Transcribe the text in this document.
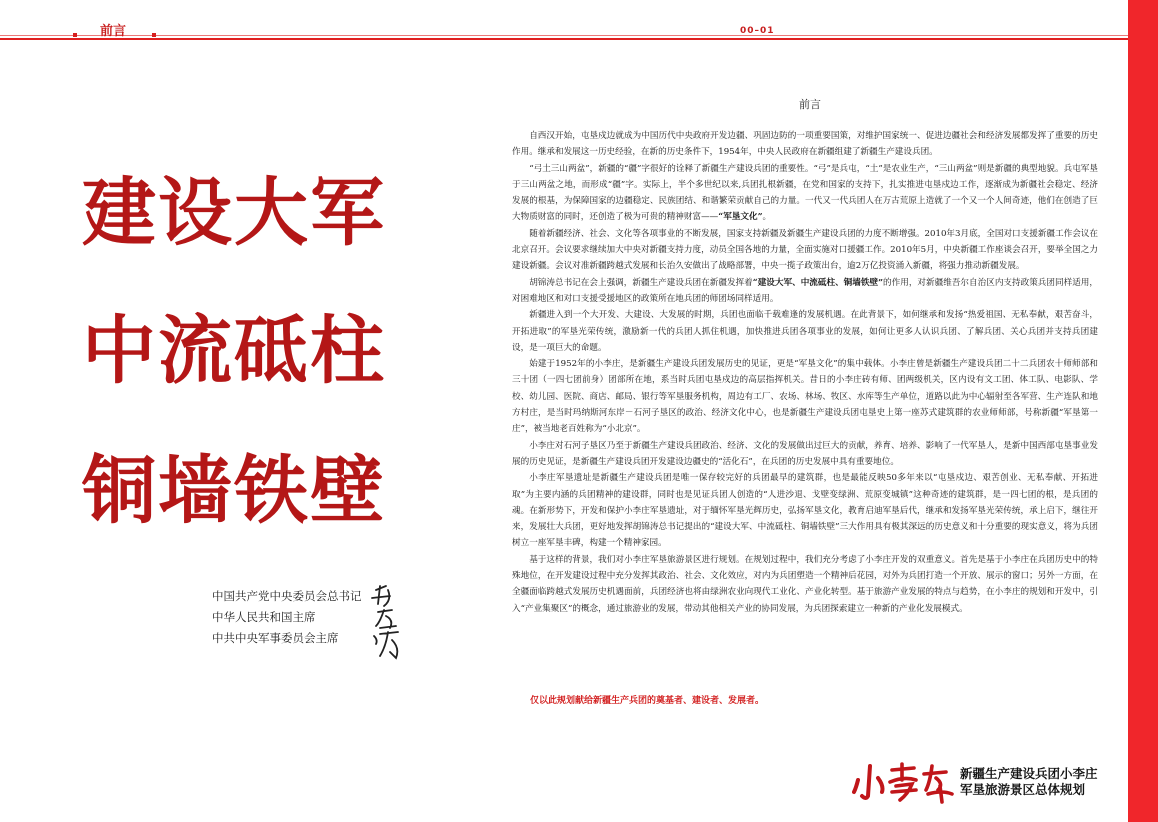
前言	00–01
建设大军
中流砥柱
铜墙铁壁
中国共产党中央委员会总书记
中华人民共和国主席
中共中央军事委员会主席
前言

自西汉开始，屯垦戍边就成为中国历代中央政府开发边疆、巩固边防的一项重要国策，对维护国家统一、促进边疆社会和经济发展都发挥了重要的历史作用。继承和发展这一历史经验，在新的历史条件下，1954年，中央人民政府在新疆组建了新疆生产建设兵团。

“弓土三山两盆”，新疆的“疆”字很好的诠释了新疆生产建设兵团的重要性。“弓”是兵屯，“土”是农业生产，“三山两盆”则是新疆的典型地貌。兵屯军垦于三山两盆之地，而形成“疆”字。实际上，半个多世纪以来,兵团扎根新疆，在党和国家的支持下，扎实推进屯垦戍边工作，逐渐成为新疆社会稳定、经济发展的根基，为保障国家的边疆稳定、民族团结、和谐繁荣贡献自己的力量。一代又一代兵团人在万古荒原上造就了一个又一个人间奇迹，他们在创造了巨大物质财富的同时，还创造了极为可贵的精神财富——“军垦文化”。

随着新疆经济、社会、文化等各项事业的不断发展，国家支持新疆及新疆生产建设兵团的力度不断增强。2010年3月底，全国对口支援新疆工作会议在北京召开。会议要求继续加大中央对新疆支持力度，动员全国各地的力量，全面实施对口援疆工作。2010年5月，中央新疆工作座谈会召开，要举全国之力建设新疆。会议对准新疆跨越式发展和长治久安做出了战略部署，中央一揽子政策出台，逾2万亿投资涌入新疆，将强力推动新疆发展。

胡锦涛总书记在会上强调，新疆生产建设兵团在新疆发挥着“建设大军、中流砥柱、铜墙铁壁”的作用，对新疆维吾尔自治区内支持政策兵团同样适用，对困难地区和对口支援受援地区的政策所在地兵团的师团场同样适用。

新疆进入到一个大开发、大建设、大发展的时期，兵团也面临千载难逢的发展机遇。在此背景下，如何继承和发扬“热爱祖国、无私奉献，艰苦奋斗，开拓进取”的军垦光荣传统，激励新一代的兵团人抓住机遇，加快推进兵团各项事业的发展，如何让更多人认识兵团、了解兵团、关心兵团并支持兵团建设，是一项巨大的命题。

始建于1952年的小李庄，是新疆生产建设兵团发展历史的见证，更是“军垦文化”的集中载体。小李庄曾是新疆生产建设兵团二十二兵团农十师师部和三十团（一四七团前身）团部所在地，系当时兵团屯垦戍边的高层指挥机关。昔日的小李庄砖有师、团两级机关，区内设有文工团、体工队、电影队、学校、幼儿园、医院、商店、邮局、银行等军垦服务机构，周边有工厂、农场、林场、牧区、水库等生产单位，道路以此为中心辐射至各军营、生产连队和地方村庄，是当时玛纳斯河东岸－石河子垦区的政治、经济文化中心，也是新疆生产建设兵团屯垦史上第一座苏式建筑群的农业师师部，号称新疆“军垦第一庄”，被当地老百姓称为“小北京”。

小李庄对石河子垦区乃至于新疆生产建设兵团政治、经济、文化的发展做出过巨大的贡献，养育、培养、影响了一代军垦人，是新中国西部屯垦事业发展的历史见证，是新疆生产建设兵团开发建设边疆史的“活化石”，在兵团的历史发展中具有重要地位。

小李庄军垦遗址是新疆生产建设兵团是唯一保存较完好的兵团最早的建筑群，也是最能反映50多年来以“屯垦戍边、艰苦创业、无私奉献、开拓进取”为主要内涵的兵团精神的建设群，同时也是见证兵团人创造的“人进沙退、戈壁变绿洲、荒原变城镇”这种奇迹的建筑群，是一四七团的根，是兵团的魂。在新形势下，开发和保护小李庄军垦遗址，对于缅怀军垦光辉历史，弘扬军垦文化，教育启迪军垦后代，继承和发扬军垦光荣传统，承上启下，继往开来，发展壮大兵团，更好地发挥胡锦涛总书记提出的“建设大军、中流砥柱、铜墙铁壁”三大作用具有极其深远的历史意义和十分重要的现实意义，将为兵团树立一座军垦丰碑，构建一个精神家园。

基于这样的背景，我们对小李庄军垦旅游景区进行规划。在规划过程中，我们充分考虑了小李庄开发的双重意义。首先是基于小李庄在兵团历史中的特殊地位，在开发建设过程中充分发挥其政治、社会、文化效应，对内为兵团塑造一个精神后花园，对外为兵团打造一个开放、展示的窗口；另外一方面，在全疆面临跨越式发展历史机遇面前，兵团经济也将由绿洲农业向现代工业化、产业化转型。基于旅游产业发展的特点与趋势，在小李庄的规划和开发中，引入“产业集聚区”的概念，通过旅游业的发展，带动其他相关产业的协同发展，为兵团探索建立一种新的产业化发展模式。

仅以此规划献给新疆生产兵团的奠基者、建设者、发展者。
新疆生产建设兵团小李庄
军垦旅游景区总体规划
